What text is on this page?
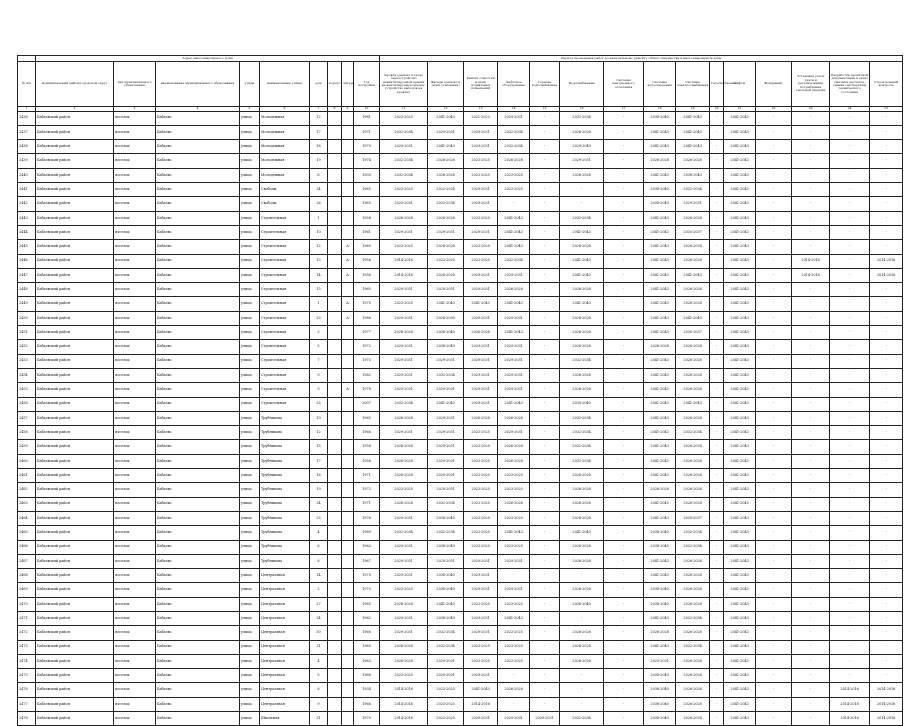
	Адрес многоквартирного дома									Период проведения работ по капитальному ремонту общего имущества в многоквартирном доме														
№ п/п	муниципальный район/городской округ	тип муниципального образования	наименование муниципального образования	улица	наименование улицы	дом	корпус	литера	Год постройки	Кровля (ремонт и (или) переустройство невентилируемой крыши на вентилируемую крышу, устройство выходов на кровлю)	Фасады (ремонт и (или) утепление)	Ремонт отмостки и (или) подвальных помещений	Лифтовое оборудование	Горячее водоснабжение	Водоснабжение	Системы центрального отопления	Системы водоотведения	Системы электроснабжения	Газоснабжение	Лифты	Фундамент	Установка узлов учета и регулирования потребления тепловой энергии	Разработка проектной документации и (или) сметных расчетов, оценка (экспертиза) технического состояния	Строительный контроль
1	2	3	4	5	6	7	8	9	10	11	12	13	14	15	16	17	18	19	20	21	22	23	24	25
2436	Бабаевский район	поселок	Бабаево	улица	Молодежная	12			1981	2023-2025	2041-2043	2021-2023	2029-2031	-	2032-2034	-	2038-2040	2041-2043	-	2041-2043	-	-	-	-
2437	Бабаевский район	поселок	Бабаево	улица	Молодежная	17			1971	2032-2034	2029-2031	2029-2031	2032-2034	-	2026-2028	-	2041-2043	2041-2043	-	2041-2043	-	-	-	-
2438	Бабаевский район	поселок	Бабаево	улица	Молодежная	18			1979	2029-2031	2041-2043	2029-2031	2032-2034	-	2029-2040	-	2041-2043	2041-2043	-	2041-2043	-	-	-	-
2439	Бабаевский район	поселок	Бабаево	улица	Молодежная	19			1974	2032-2034	2026-2028	2023-2025	2026-2028	-	2029-2031	-	2026-2028	2026-2028	-	2041-2043	-	-	-	-
2440	Бабаевский район	поселок	Бабаево	улица	Молодежная	6			1930	2032-2034	2026-2028	2023-2025	2023-2025	-	2026-2028	-	2041-2043	2038-2040	-	2041-2043	-	-	-	-
2441	Бабаевский район	поселок	Бабаево	улица	Свободы	24			1965	2023-2025	2022-2024	2029-2031	2023-2025	-	-	-	2038-2040	2032-2034	-	2041-2043	-	-	-	-
2442	Бабаевский район	поселок	Бабаево	улица	Свободы	26			1965	2029-2031	2032-2034	2029-2031	-	-	-	-	2038-2040	2029-2031	-	2041-2043	-	-	-	-
2443	Бабаевский район	поселок	Бабаево	улица	Строительная	1			1958	2026-2028	2026-2028	2023-2025	2041-2043	-	2032-2034	-	2041-2043	2026-2028	-	2041-2043	-	-	-	-
2444	Бабаевский район	поселок	Бабаево	улица	Строительная	10			1961	2029-2031	2029-2031	2029-2031	2041-2043	-	2041-2043	-	2041-2043	2035-2037	-	2041-2043	-	-	-	-
2445	Бабаевский район	поселок	Бабаево	улица	Строительная	12		А	1960	2023-2025	2026-2028	2023-2025	2041-2043	-	2026-2028	-	2041-2043	2026-2028	-	2041-2043	-	-	-	-
2446	Бабаевский район	поселок	Бабаево	улица	Строительная	13		А	1956	2014-2016	2023-2025	2023-2025	2032-2034	-	2041-2043	-	2041-2043	2026-2028	-	2041-2043	-	2014-2016	-	2014-2016
2447	Бабаевский район	поселок	Бабаево	улица	Строительная	14		А	1956	2014-2016	2026-2028	2029-2031	2029-2031	-	2041-2043	-	2041-2043	2041-2043	-	2041-2043	-	2014-2016	-	2014-2016
2448	Бабаевский район	поселок	Бабаево	улица	Строительная	15			1965	2029-2031	2029-2031	2029-2031	2026-2028	-	2026-2028	-	2041-2043	2026-2028	-	2041-2043	-	-	-	-
2449	Бабаевский район	поселок	Бабаево	улица	Строительная	1		А	1975	2023-2025	2041-2043	2041-2043	2041-2043	-	2041-2043	-	2041-2043	2026-2028	-	2041-2043	-	-	-	-
2450	Бабаевский район	поселок	Бабаево	улица	Строительная	23		А	1986	2029-2031	2028-2030	2029-2031	2029-2031	-	2026-2028	-	2041-2043	2041-2043	-	2041-2043	-	-	-	-
2451	Бабаевский район	поселок	Бабаево	улица	Строительная	3			1977	2026-2028	2038-2040	2026-2028	2041-2043	-	2026-2028	-	2041-2043	2035-2037	-	2041-2043	-	-	-	-
2452	Бабаевский район	поселок	Бабаево	улица	Строительная	5			1972	2029-2031	2038-2040	2029-2031	2029-2031	-	2026-2028	-	2026-2028	2026-2028	-	2041-2043	-	-	-	-
2453	Бабаевский район	поселок	Бабаево	улица	Строительная	7			1973	2029-2031	2029-2031	2029-2031	2029-2031	-	2032-2034	-	2041-2043	2026-2028	-	2041-2043	-	-	-	-
2454	Бабаевский район	поселок	Бабаево	улица	Строительная	9			1962	2029-2031	2032-2034	2029-2031	2029-2031	-	2026-2028	-	2041-2043	2026-2028	-	2041-2043	-	-	-	-
2455	Бабаевский район	поселок	Бабаево	улица	Строительная	9		А	1978	2029-2031	2029-2031	2029-2031	2029-2031	-	2026-2028	-	2041-2043	2026-2028	-	2041-2043	-	-	-	-
2456	Бабаевский район	поселок	Бабаево	улица	Строительная	25			2007	2032-2034	2041-2043	2029-2031	2041-2043	-	2039-2040	-	2041-2043	2041-2043	-	2041-2043	-	-	-	-
2457	Бабаевский район	поселок	Бабаево	улица	Трубникова	10			1965	2026-2028	2029-2031	2026-2028	2026-2028	-	2032-2034	-	2041-2043	2026-2028	-	2041-2043	-	-	-	-
2458	Бабаевский район	поселок	Бабаево	улица	Трубникова	12			1966	2029-2031	2029-2031	2023-2025	2029-2031	-	2032-2034	-	2041-2043	2032-2034	-	2041-2043	-	-	-	-
2459	Бабаевский район	поселок	Бабаево	улица	Трубникова	15			1958	2026-2028	2029-2031	2023-2025	2026-2028	-	2032-2034	-	2041-2043	2026-2028	-	2041-2043	-	-	-	-
2460	Бабаевский район	поселок	Бабаево	улица	Трубникова	17			1956	2026-2028	2029-2031	2023-2025	2026-2028	-	2032-2034	-	2041-2043	2026-2028	-	2041-2043	-	-	-	-
2461	Бабаевский район	поселок	Бабаево	улица	Трубникова	16			1971	2026-2028	2029-2031	2023-2025	2023-2025	-	2026-2028	-	2041-2043	2026-2028	-	2041-2043	-	-	-	-
2462	Бабаевский район	поселок	Бабаево	улица	Трубникова	19			1972	2023-2025	2029-2031	2023-2025	2023-2025	-	2026-2028	-	2026-2028	2026-2028	-	2041-2043	-	-	-	-
2463	Бабаевский район	поселок	Бабаево	улица	Трубникова	24			1971	2026-2028	2032-2034	2023-2025	2026-2028	-	2026-2028	-	2041-2043	2026-2028	-	2041-2043	-	-	-	-
2464	Бабаевский район	поселок	Бабаево	улица	Трубникова	25			1976	2029-2031	2038-2040	2023-2025	2023-2025	-	2026-2028	-	2041-2043	2035-2037	-	2041-2043	-	-	-	-
2465	Бабаевский район	поселок	Бабаево	улица	Трубникова	4			1969	2032-2034	2032-2034	2023-2025	2041-2043	-	2041-2043	-	2038-2040	2032-2034	-	2041-2043	-	-	-	-
2466	Бабаевский район	поселок	Бабаево	улица	Трубникова	6			1963	2029-2031	2038-2040	2023-2025	2023-2025	-	2026-2028	-	2038-2040	2032-2034	-	2041-2043	-	-	-	-
2467	Бабаевский район	поселок	Бабаево	улица	Трубникова	8			1967	2029-2031	2029-2031	2029-2031	2029-2031	-	2026-2028	-	2041-2043	2026-2028	-	2041-2043	-	-	-	-
2468	Бабаевский район	поселок	Бабаево	улица	Центральная	14			1970	2029-2031	2038-2040	2029-2031	-	-	-	-	2041-2043	2026-2028	-	2041-2043	-	-	-	-
2469	Бабаевский район	поселок	Бабаево	улица	Центральная	2			1970	2023-2025	2038-2040	2029-2031	2029-2031	-	2026-2028	-	2038-2040	2026-2028	-	2041-2043	-	-	-	-
2470	Бабаевский район	поселок	Бабаево	улица	Центральная	27			1965	2026-2028	2041-2043	2023-2025	2023-2025	-	2038-2040	-	2038-2040	2026-2028	-	2041-2043	-	-	-	-
2471	Бабаевский район	поселок	Бабаево	улица	Центральная	24			1962	2029-2031	2038-2040	2029-2031	2041-2043	-	-	-	2041-2043	2032-2034	-	2041-2043	-	-	-	-
2472	Бабаевский район	поселок	Бабаево	улица	Центральная	30			1966	2029-2031	2032-2034	2029-2031	2023-2025	-	2026-2028	-	2026-2028	2026-2028	-	2041-2043	-	-	-	-
2473	Бабаевский район	поселок	Бабаево	улица	Центральная	31			1965	2026-2028	2032-2034	2023-2025	2023-2025	-	2026-2028	-	2041-2043	2032-2034	-	2041-2043	-	-	-	-
2474	Бабаевский район	поселок	Бабаево	улица	Центральная	4			1963	2026-2028	2029-2031	2023-2025	2023-2025	-	2026-2028	-	2029-2031	2026-2028	-	2041-2043	-	-	-	-
2475	Бабаевский район	поселок	Бабаево	улица	Центральная	5			1966	2023-2025	2029-2031	2029-2031	-	-	-	-	2038-2040	2026-2028	-	2041-2043	-	-	-	-
2476	Бабаевский район	поселок	Бабаево	улица	Центральная	8			1934	2014-2016	2023-2025	2041-2043	2026-2028	-	-	-	2038-2040	2026-2028	-	2041-2043	-	-	2014-2016	2014-2016
2477	Бабаевский район	поселок	Бабаево	улица	Центральная	9			1966	2014-2016	2023-2025	2014-2016	-	-	-	-	2038-2040	2026-2028	-	2041-2043	-	-	2014-2016	2014-2016
2478	Бабаевский район	поселок	Бабаево	улица	Школьная	31			1970	2014-2016	2023-2025	2029-2031	2029-2031	2029-2031	2032-2034	-	2038-2040	2026-2028	-	2041-2043	-	-	2014-2016	2014-2016
